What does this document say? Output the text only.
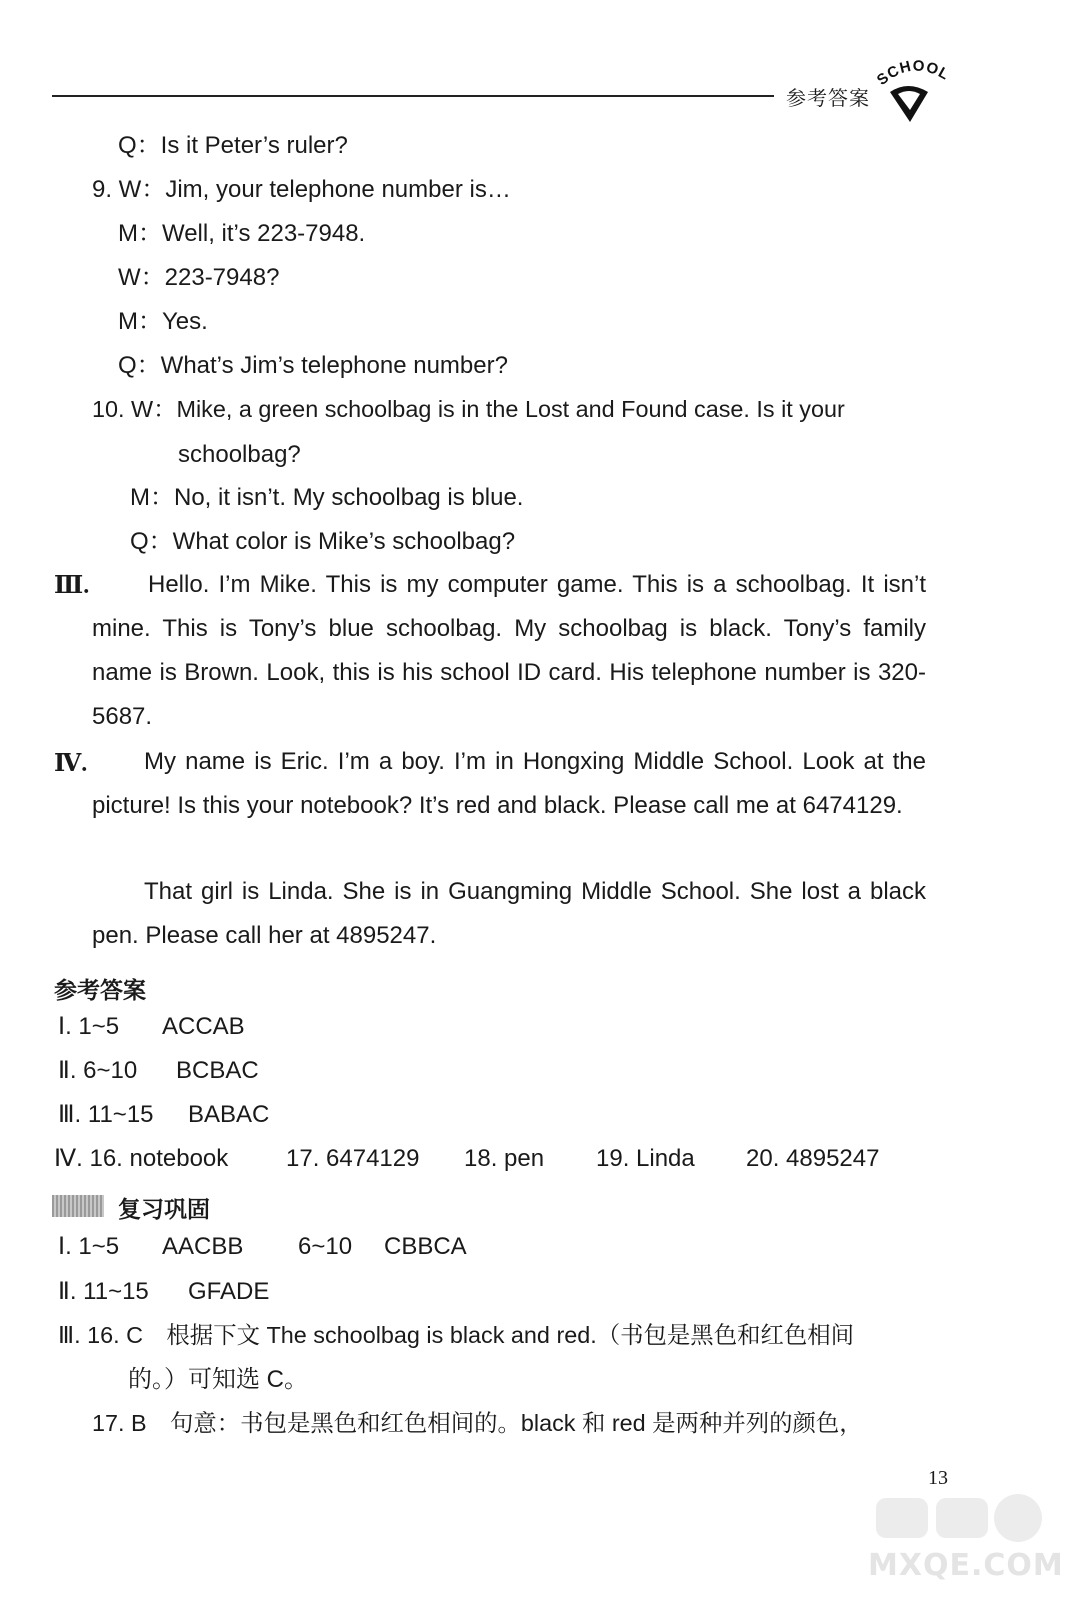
参考答案
SCHOOL
Q：Is it Peter’s ruler?
9. W：Jim, your telephone number is…
M：Well, it’s 223-7948.
W：223-7948?
M：Yes.
Q：What’s Jim’s telephone number?
10. W：Mike, a green schoolbag is in the Lost and Found case. Is it your
schoolbag?
M：No, it isn’t. My schoolbag is blue.
Q：What color is Mike’s schoolbag?
Ⅲ.	Hello. I’m Mike. This is my computer game. This is a schoolbag. It isn’t mine. This is Tony’s blue schoolbag. My schoolbag is black. Tony’s family name is Brown. Look, this is his school ID card. His telephone number is 320-5687.
Ⅳ.	My name is Eric. I’m a boy. I’m in Hongxing Middle School. Look at the picture! Is this your notebook? It’s red and black. Please call me at 6474129.
That girl is Linda. She is in Guangming Middle School. She lost a black pen. Please call her at 4895247.
参考答案
Ⅰ. 1~5 ACCAB
Ⅱ. 6~10 BCBAC
Ⅲ. 11~15 BABAC
Ⅳ. 16. notebook 17. 6474129 18. pen 19. Linda 20. 4895247
复习巩固
Ⅰ. 1~5 AACBB 6~10 CBBCA
Ⅱ. 11~15 GFADE
Ⅲ. 16. C　根据下文 The schoolbag is black and red.（书包是黑色和红色相间
的。）可知选 C。
17. B　句意：书包是黑色和红色相间的。black 和 red 是两种并列的颜色，
13
MXQE.COM
